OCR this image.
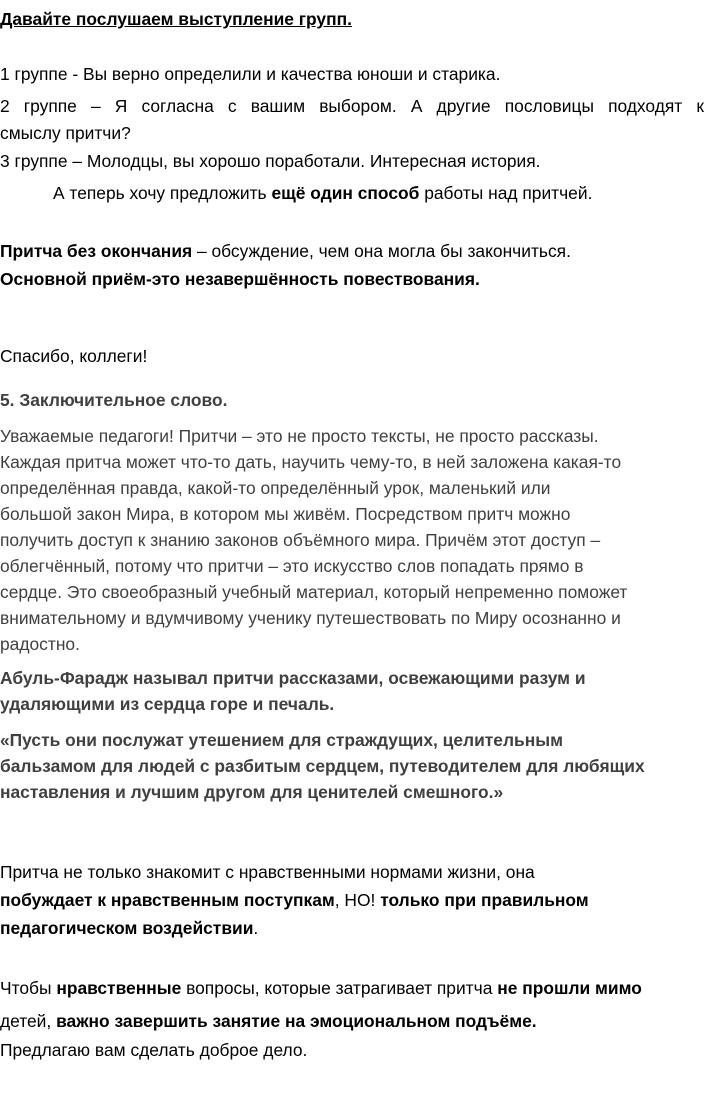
Давайте послушаем выступление групп.
1 группе - Вы верно определили и качества юноши и старика.
2 группе – Я согласна с вашим выбором. А другие пословицы подходят к
смыслу притчи?
3 группе – Молодцы, вы хорошо поработали. Интересная история.
А теперь хочу предложить ещё один способ работы над притчей.
Притча без окончания – обсуждение, чем она могла бы закончиться.
Основной приём-это незавершённость повествования.
Спасибо, коллеги!
5. Заключительное слово.
Уважаемые педагоги! Притчи – это не просто тексты, не просто рассказы.
Каждая притча может что-то дать, научить чему-то, в ней заложена какая-то
определённая правда, какой-то определённый урок, маленький или
большой закон Мира, в котором мы живём. Посредством притч можно
получить доступ к знанию законов объёмного мира. Причём этот доступ –
облегчённый, потому что притчи – это искусство слов попадать прямо в
сердце. Это своеобразный учебный материал, который непременно поможет
внимательному и вдумчивому ученику путешествовать по Миру осознанно и
радостно.
Абуль-Фарадж называл притчи рассказами, освежающими разум и
удаляющими из сердца горе и печаль.
«Пусть они послужат утешением для страждущих, целительным
бальзамом для людей с разбитым сердцем, путеводителем для любящих
наставления и лучшим другом для ценителей смешного.»
Притча не только знакомит с нравственными нормами жизни, она
побуждает к нравственным поступкам, НО! только при правильном
педагогическом воздействии.
Чтобы нравственные вопросы, которые затрагивает притча не прошли мимо
детей, важно завершить занятие на эмоциональном подъёме.
Предлагаю вам сделать доброе дело.
